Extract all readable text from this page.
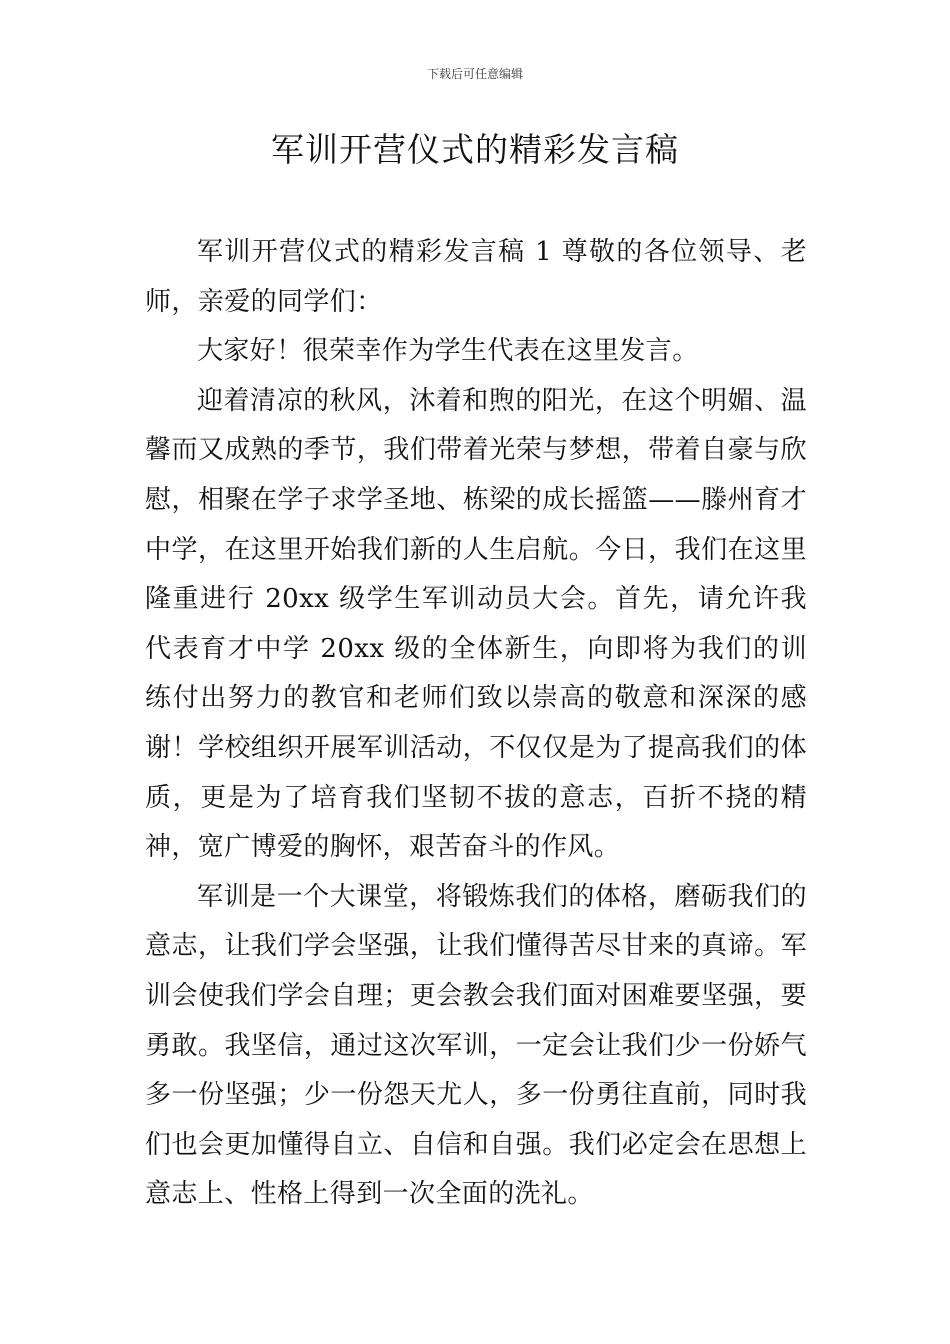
下载后可任意编辑
军训开营仪式的精彩发言稿

军训开营仪式的精彩发言稿 1 尊敬的各位领导、老师，亲爱的同学们：

大家好！很荣幸作为学生代表在这里发言。

迎着清凉的秋风，沐着和煦的阳光，在这个明媚、温馨而又成熟的季节，我们带着光荣与梦想，带着自豪与欣慰，相聚在学子求学圣地、栋梁的成长摇篮——滕州育才中学，在这里开始我们新的人生启航。今日，我们在这里隆重进行 20xx 级学生军训动员大会。首先，请允许我代表育才中学 20xx 级的全体新生，向即将为我们的训练付出努力的教官和老师们致以崇高的敬意和深深的感谢！学校组织开展军训活动，不仅仅是为了提高我们的体质，更是为了培育我们坚韧不拔的意志，百折不挠的精神，宽广博爱的胸怀，艰苦奋斗的作风。

军训是一个大课堂，将锻炼我们的体格，磨砺我们的意志，让我们学会坚强，让我们懂得苦尽甘来的真谛。军训会使我们学会自理；更会教会我们面对困难要坚强，要勇敢。我坚信，通过这次军训，一定会让我们少一份娇气多一份坚强；少一份怨天尤人，多一份勇往直前，同时我们也会更加懂得自立、自信和自强。我们必定会在思想上意志上、性格上得到一次全面的洗礼。
